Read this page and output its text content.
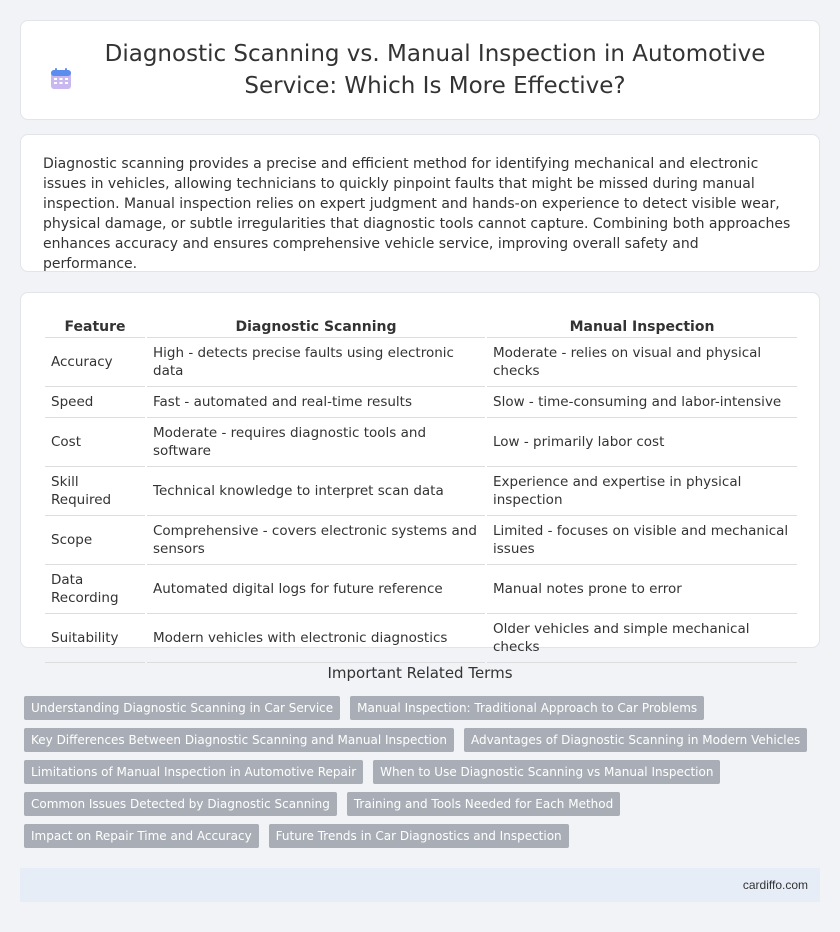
Diagnostic Scanning vs. Manual Inspection in Automotive Service: Which Is More Effective?

Diagnostic scanning provides a precise and efficient method for identifying mechanical and electronic issues in vehicles, allowing technicians to quickly pinpoint faults that might be missed during manual inspection. Manual inspection relies on expert judgment and hands-on experience to detect visible wear, physical damage, or subtle irregularities that diagnostic tools cannot capture. Combining both approaches enhances accuracy and ensures comprehensive vehicle service, improving overall safety and performance.

Feature	Diagnostic Scanning	Manual Inspection
Accuracy	High - detects precise faults using electronic data	Moderate - relies on visual and physical checks
Speed	Fast - automated and real-time results	Slow - time-consuming and labor-intensive
Cost	Moderate - requires diagnostic tools and software	Low - primarily labor cost
Skill Required	Technical knowledge to interpret scan data	Experience and expertise in physical inspection
Scope	Comprehensive - covers electronic systems and sensors	Limited - focuses on visible and mechanical issues
Data Recording	Automated digital logs for future reference	Manual notes prone to error
Suitability	Modern vehicles with electronic diagnostics	Older vehicles and simple mechanical checks
Important Related Terms
Understanding Diagnostic Scanning in Car Service	Manual Inspection: Traditional Approach to Car Problems
Key Differences Between Diagnostic Scanning and Manual Inspection	Advantages of Diagnostic Scanning in Modern Vehicles
Limitations of Manual Inspection in Automotive Repair	When to Use Diagnostic Scanning vs Manual Inspection
Common Issues Detected by Diagnostic Scanning	Training and Tools Needed for Each Method
Impact on Repair Time and Accuracy	Future Trends in Car Diagnostics and Inspection
cardiffo.com
